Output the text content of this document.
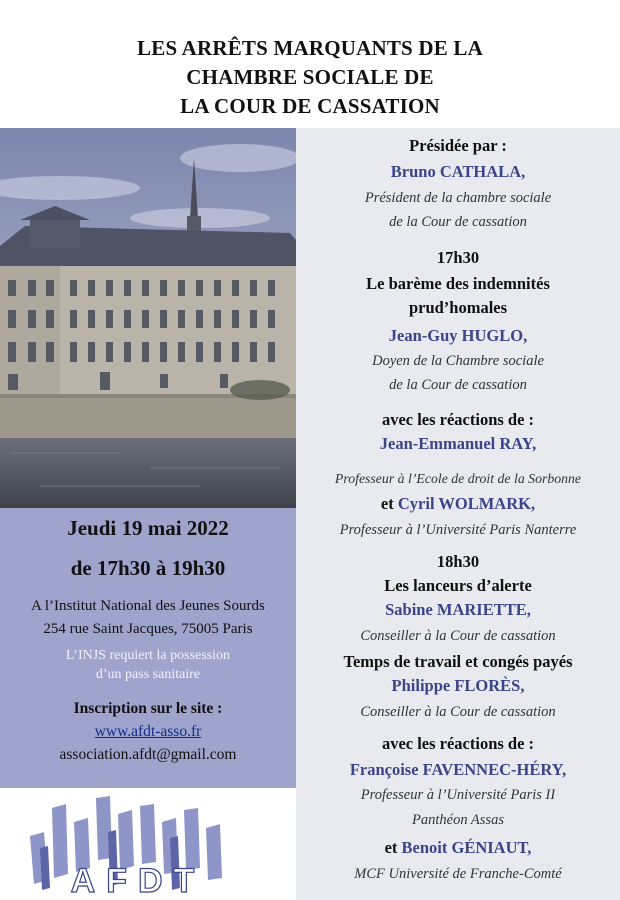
LES ARRÊTS MARQUANTS DE LA
CHAMBRE SOCIALE DE
LA COUR DE CASSATION
Jeudi 19 mai 2022
de 17h30 à 19h30
A l’Institut National des Jeunes Sourds
254 rue Saint Jacques, 75005 Paris
L’INJS requiert la possession
d’un pass sanitaire
Inscription sur le site :
www.afdt-asso.fr
association.afdt@gmail.com
AFDT
Présidée par :
Bruno CATHALA,
Président de la chambre sociale
de la Cour de cassation
17h30
Le barème des indemnités
prud’homales
Jean-Guy HUGLO,
Doyen de la Chambre sociale
de la Cour de cassation
avec les réactions de :
Jean-Emmanuel RAY,
Professeur à l’Ecole de droit de la Sorbonne
et Cyril WOLMARK,
Professeur à l’Université Paris Nanterre
18h30
Les lanceurs d’alerte
Sabine MARIETTE,
Conseiller à la Cour de cassation
Temps de travail et congés payés
Philippe FLORÈS,
Conseiller à la Cour de cassation
avec les réactions de :
Françoise FAVENNEC-HÉRY,
Professeur à l’Université Paris II
Panthéon Assas
et Benoit GÉNIAUT,
MCF Université de Franche-Comté
